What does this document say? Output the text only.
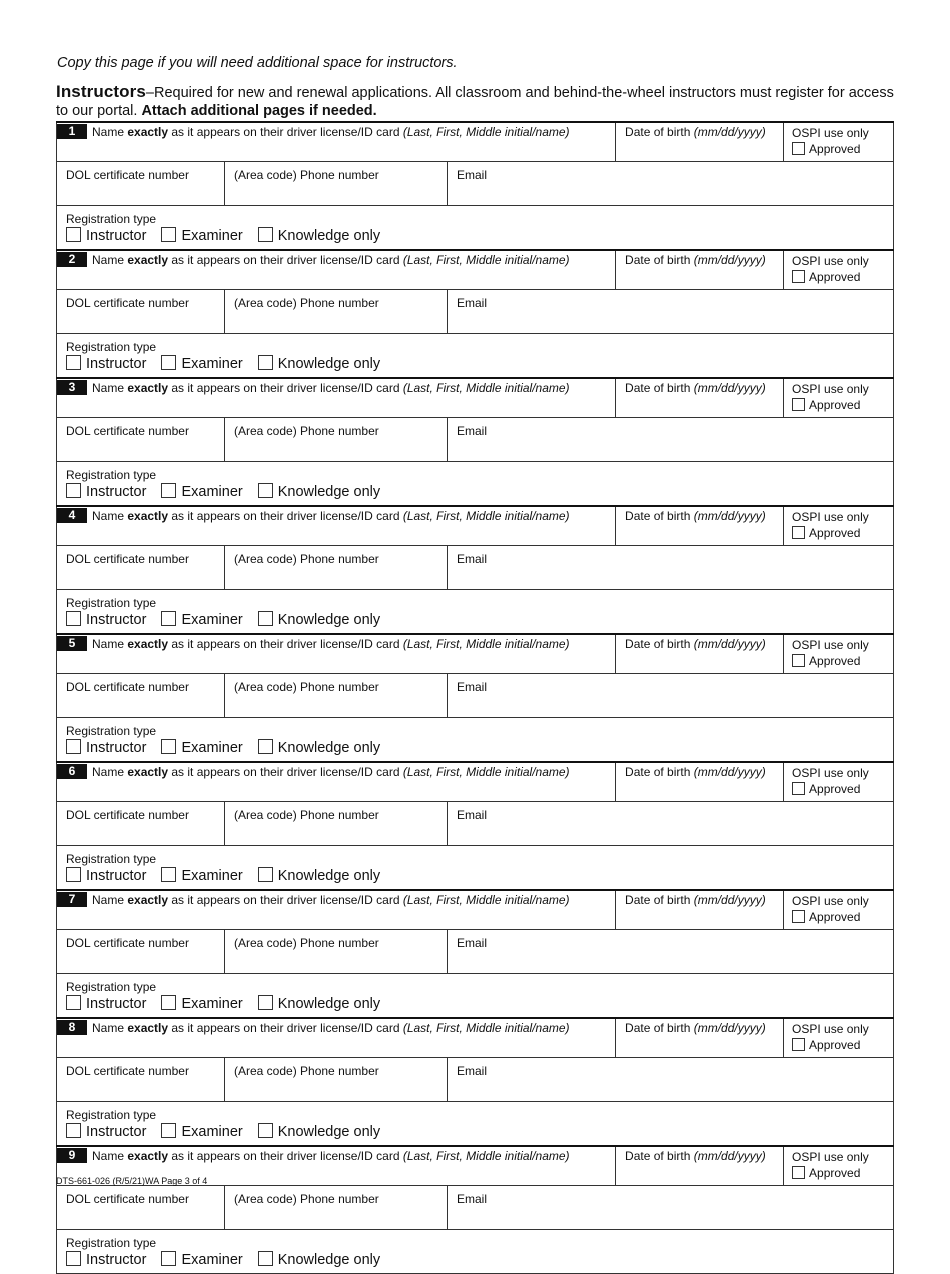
Copy this page if you will need additional space for instructors.
Instructors–Required for new and renewal applications. All classroom and behind-the-wheel instructors must register for access to our portal. Attach additional pages if needed.
1 Name exactly as it appears on their driver license/ID card (Last, First, Middle initial/name)			Date of birth (mm/dd/yyyy)	OSPI use only
Approved

DOL certificate number	(Area code) Phone number	Email		

Registration type
Instructor Examiner Knowledge only				

2 Name exactly as it appears on their driver license/ID card (Last, First, Middle initial/name)			Date of birth (mm/dd/yyyy)	OSPI use only
Approved

DOL certificate number	(Area code) Phone number	Email		

Registration type
Instructor Examiner Knowledge only				

3 Name exactly as it appears on their driver license/ID card (Last, First, Middle initial/name)			Date of birth (mm/dd/yyyy)	OSPI use only
Approved

DOL certificate number	(Area code) Phone number	Email		

Registration type
Instructor Examiner Knowledge only				

4 Name exactly as it appears on their driver license/ID card (Last, First, Middle initial/name)			Date of birth (mm/dd/yyyy)	OSPI use only
Approved

DOL certificate number	(Area code) Phone number	Email		

Registration type
Instructor Examiner Knowledge only				

5 Name exactly as it appears on their driver license/ID card (Last, First, Middle initial/name)			Date of birth (mm/dd/yyyy)	OSPI use only
Approved

DOL certificate number	(Area code) Phone number	Email		

Registration type
Instructor Examiner Knowledge only				

6 Name exactly as it appears on their driver license/ID card (Last, First, Middle initial/name)			Date of birth (mm/dd/yyyy)	OSPI use only
Approved

DOL certificate number	(Area code) Phone number	Email		

Registration type
Instructor Examiner Knowledge only				

7 Name exactly as it appears on their driver license/ID card (Last, First, Middle initial/name)			Date of birth (mm/dd/yyyy)	OSPI use only
Approved

DOL certificate number	(Area code) Phone number	Email		

Registration type
Instructor Examiner Knowledge only				

8 Name exactly as it appears on their driver license/ID card (Last, First, Middle initial/name)			Date of birth (mm/dd/yyyy)	OSPI use only
Approved

DOL certificate number	(Area code) Phone number	Email		

Registration type
Instructor Examiner Knowledge only				

9 Name exactly as it appears on their driver license/ID card (Last, First, Middle initial/name)			Date of birth (mm/dd/yyyy)	OSPI use only
Approved

DOL certificate number	(Area code) Phone number	Email		

Registration type
Instructor Examiner Knowledge only				
DTS-661-026 (R/5/21)WA Page 3 of 4
